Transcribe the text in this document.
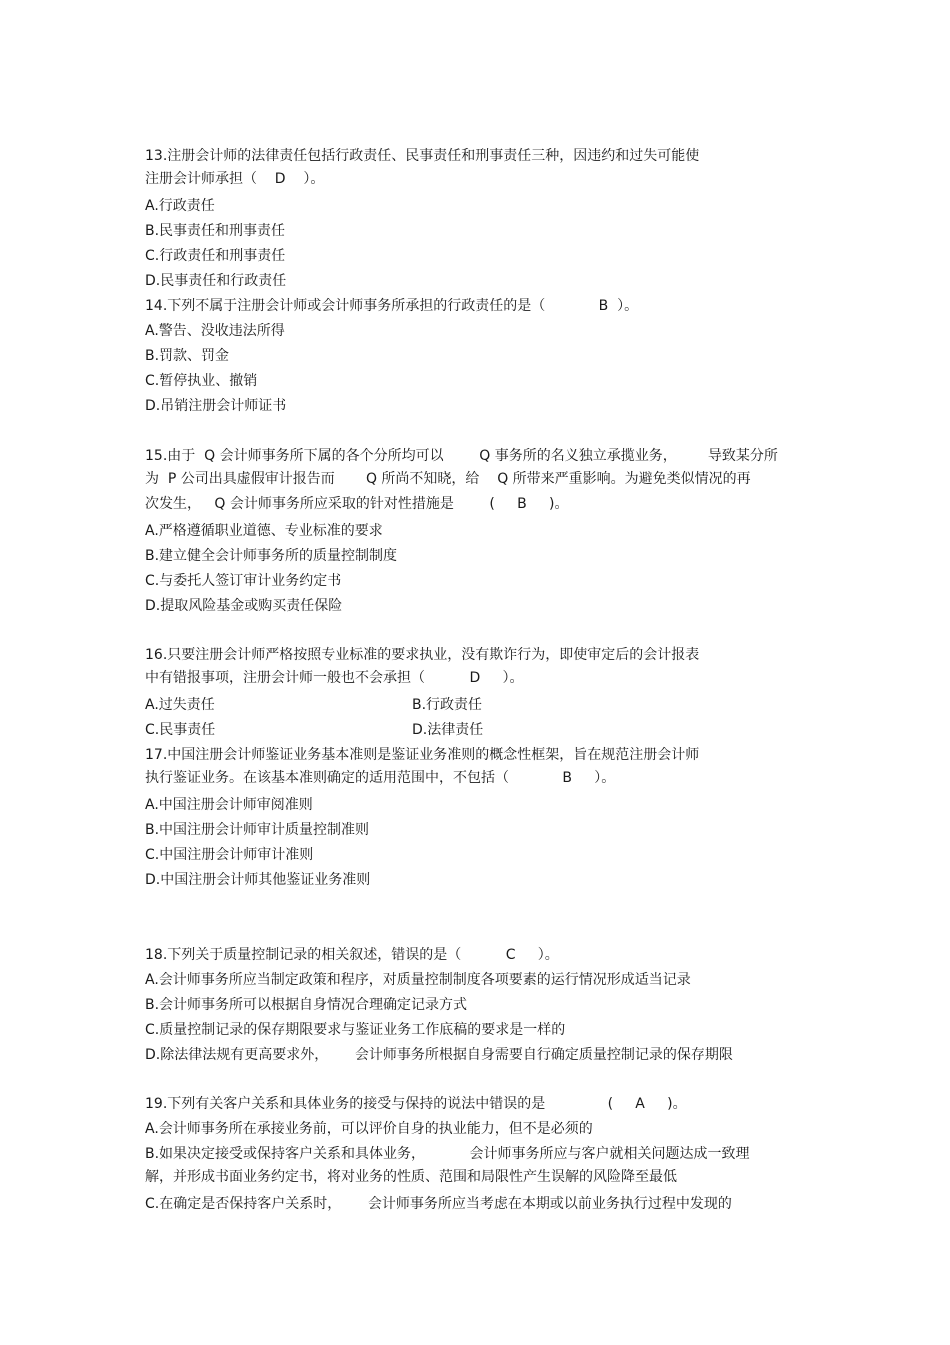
13.注册会计师的法律责任包括行政责任、民事责任和刑事责任三种，因违约和过失可能使
注册会计师承担（    D    ）。
A.行政责任
B.民事责任和刑事责任
C.行政责任和刑事责任
D.民事责任和行政责任
14.下列不属于注册会计师或会计师事务所承担的行政责任的是（            B  ）。
A.警告、没收违法所得
B.罚款、罚金
C.暂停执业、撤销
D.吊销注册会计师证书
15.由于  Q 会计师事务所下属的各个分所均可以        Q 事务所的名义独立承揽业务，       导致某分所
为  P 公司出具虚假审计报告而       Q 所尚不知晓，给    Q 所带来严重影响。为避免类似情况的再
次发生，   Q 会计师事务所应采取的针对性措施是        (     B     )。
A.严格遵循职业道德、专业标准的要求
B.建立健全会计师事务所的质量控制制度
C.与委托人签订审计业务约定书
D.提取风险基金或购买责任保险
16.只要注册会计师严格按照专业标准的要求执业，没有欺诈行为，即使审定后的会计报表
中有错报事项，注册会计师一般也不会承担（          D     ）。
A.过失责任	B.行政责任
C.民事责任	D.法律责任
17.中国注册会计师鉴证业务基本准则是鉴证业务准则的概念性框架，旨在规范注册会计师
执行鉴证业务。在该基本准则确定的适用范围中，不包括（            B     ）。
A.中国注册会计师审阅准则
B.中国注册会计师审计质量控制准则
C.中国注册会计师审计准则
D.中国注册会计师其他鉴证业务准则
18.下列关于质量控制记录的相关叙述，错误的是（          C     ）。
A.会计师事务所应当制定政策和程序，对质量控制制度各项要素的运行情况形成适当记录
B.会计师事务所可以根据自身情况合理确定记录方式
C.质量控制记录的保存期限要求与鉴证业务工作底稿的要求是一样的
D.除法律法规有更高要求外，      会计师事务所根据自身需要自行确定质量控制记录的保存期限
19.下列有关客户关系和具体业务的接受与保持的说法中错误的是              (     A     )。
A.会计师事务所在承接业务前，可以评价自身的执业能力，但不是必须的
B.如果决定接受或保持客户关系和具体业务，          会计师事务所应与客户就相关问题达成一致理
解，并形成书面业务约定书，将对业务的性质、范围和局限性产生误解的风险降至最低
C.在确定是否保持客户关系时，      会计师事务所应当考虑在本期或以前业务执行过程中发现的
